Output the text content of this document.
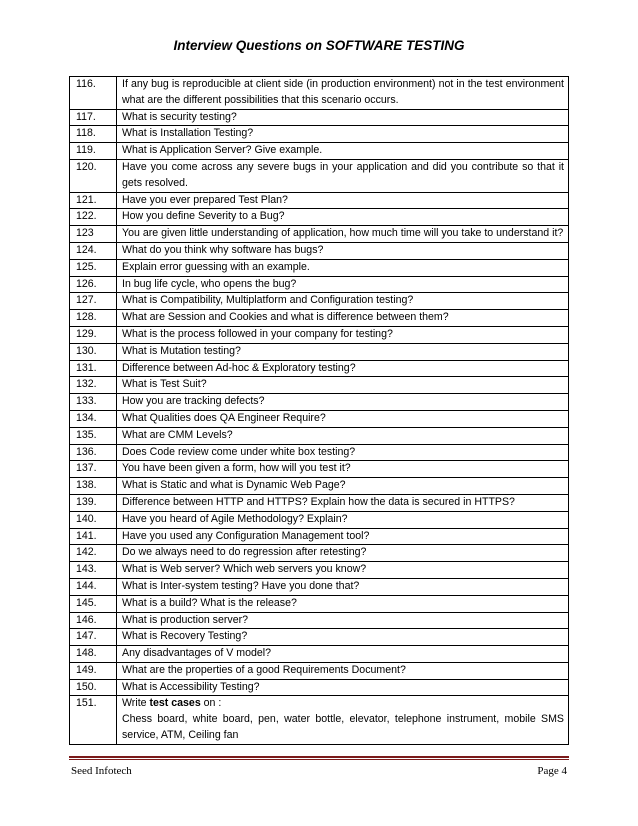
Interview Questions on SOFTWARE TESTING
116.	If any bug is reproducible at client side (in production environment) not in the test environment what are the different possibilities that this scenario occurs.
117.	What is security testing?
118.	What is Installation Testing?
119.	What is Application Server? Give example.
120.	Have you come across any severe bugs in your application and did you contribute so that it gets resolved.
121.	Have you ever prepared Test Plan?
122.	How you define Severity to a Bug?
123	You are given little understanding of application, how much time will you take to understand it?
124.	What do you think why software has bugs?
125.	Explain error guessing with an example.
126.	In bug life cycle, who opens the bug?
127.	What is Compatibility, Multiplatform and Configuration testing?
128.	What are Session and Cookies and what is difference between them?
129.	What is the process followed in your company for testing?
130.	What is Mutation testing?
131.	Difference between Ad-hoc & Exploratory testing?
132.	What is Test Suit?
133.	How you are tracking defects?
134.	What Qualities does QA Engineer Require?
135.	What are CMM Levels?
136.	Does Code review come under white box testing?
137.	You have been given a form, how will you test it?
138.	What is Static and what is Dynamic Web Page?
139.	Difference between HTTP and HTTPS? Explain how the data is secured in HTTPS?
140.	Have you heard of Agile Methodology? Explain?
141.	Have you used any Configuration Management tool?
142.	Do we always need to do regression after retesting?
143.	What is Web server? Which web servers you know?
144.	What is Inter-system testing? Have you done that?
145.	What is a build? What is the release?
146.	What is production server?
147.	What is Recovery Testing?
148.	Any disadvantages of V model?
149.	What are the properties of a good Requirements Document?
150.	What is Accessibility Testing?
151.	Write test cases on :
Chess board, white board, pen, water bottle, elevator, telephone instrument, mobile SMS service, ATM, Ceiling fan
Seed Infotech	Page 4
